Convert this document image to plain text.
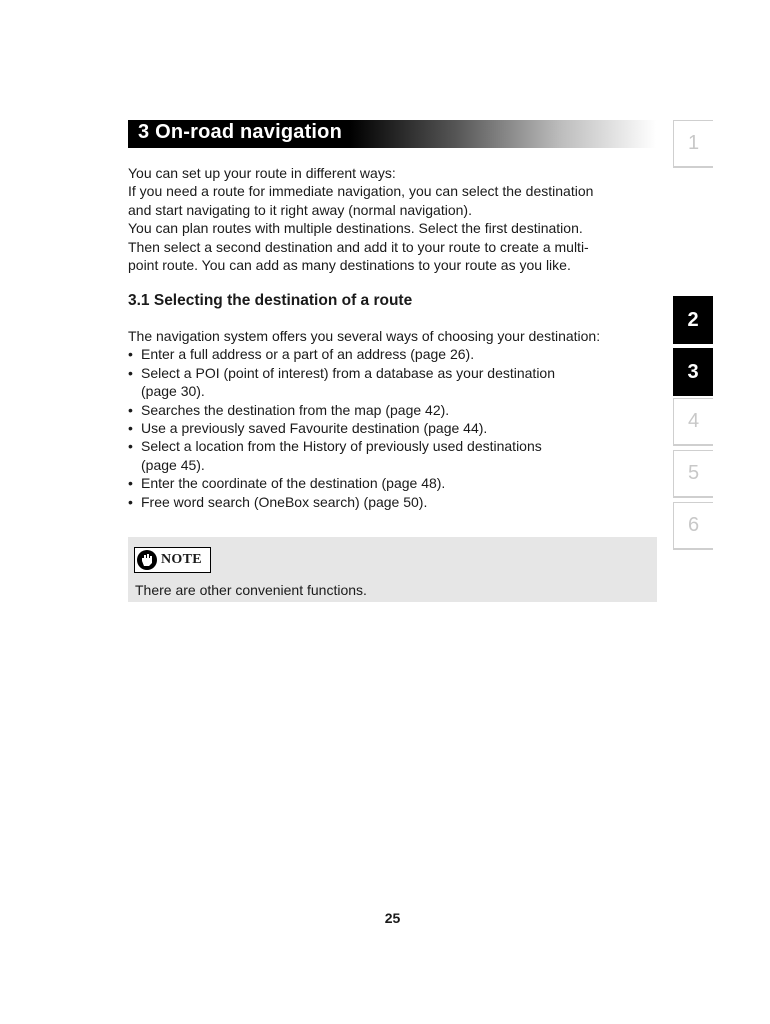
3 On-road navigation

You can set up your route in different ways:

If you need a route for immediate navigation, you can select the destination

and start navigating to it right away (normal navigation).

You can plan routes with multiple destinations. Select the first destination.

Then select a second destination and add it to your route to create a multi-

point route. You can add as many destinations to your route as you like.

3.1 Selecting the destination of a route

The navigation system offers you several ways of choosing your destination:

• Enter a full address or a part of an address (page 26).
• Select a POI (point of interest) from a database as your destination
(page 30).
• Searches the destination from the map (page 42).
• Use a previously saved Favourite destination (page 44).
• Select a location from the History of previously used destinations
(page 45).
• Enter the coordinate of the destination (page 48).
• Free word search (OneBox search) (page 50).
NOTE
There are other convenient functions.
1
2
3
4
5
6
25
